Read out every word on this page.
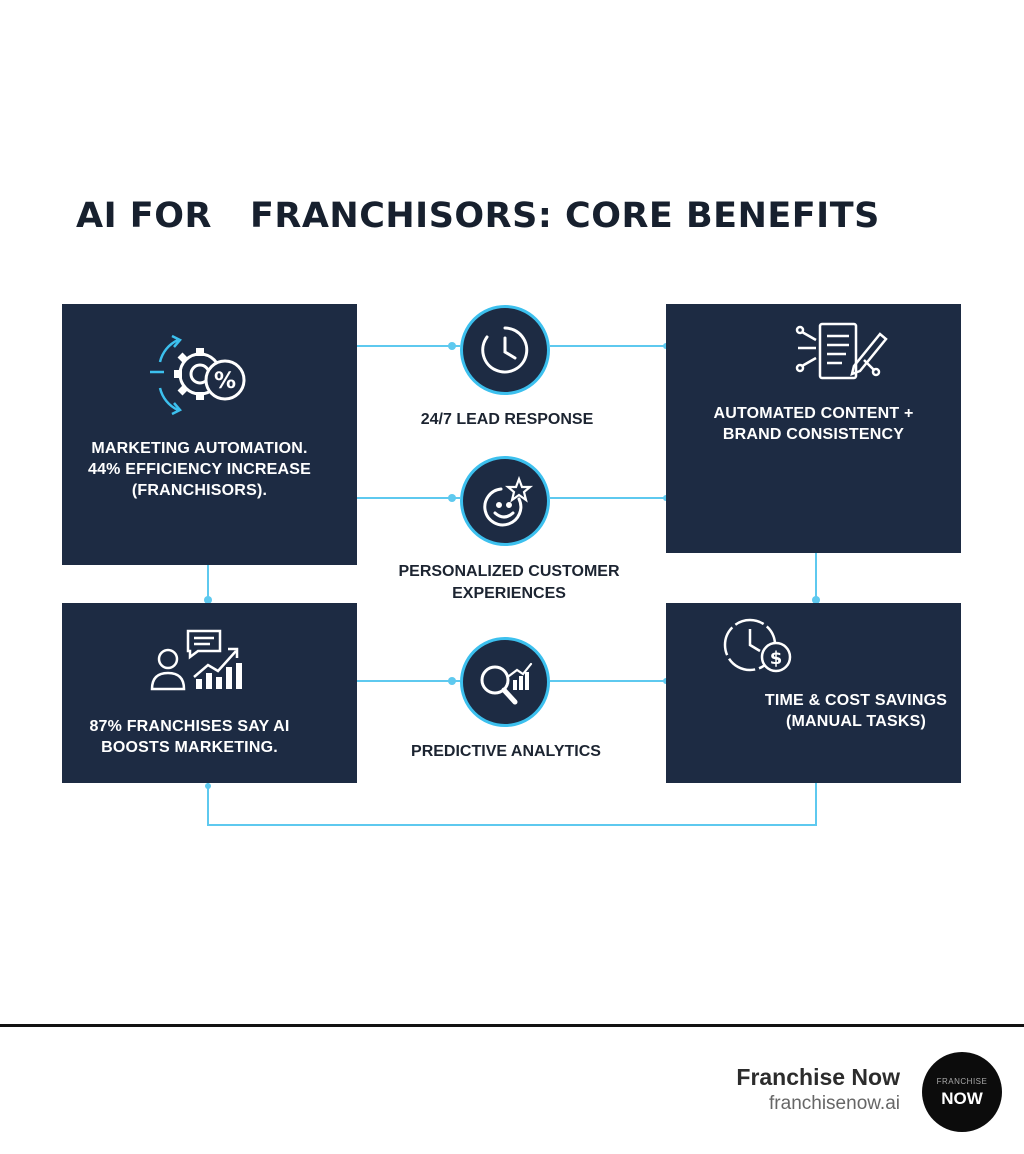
AI FOR   FRANCHISORS: CORE BENEFITS
%
MARKETING AUTOMATION.
44% EFFICIENCY INCREASE
(FRANCHISORS).
AUTOMATED CONTENT +
BRAND CONSISTENCY
87% FRANCHISES SAY AI
BOOSTS MARKETING.
$
TIME & COST SAVINGS
(MANUAL TASKS)
24/7 LEAD RESPONSE
PERSONALIZED CUSTOMER
EXPERIENCES
PREDICTIVE ANALYTICS
Franchise Now
franchisenow.ai
FRANCHISE
NOW
